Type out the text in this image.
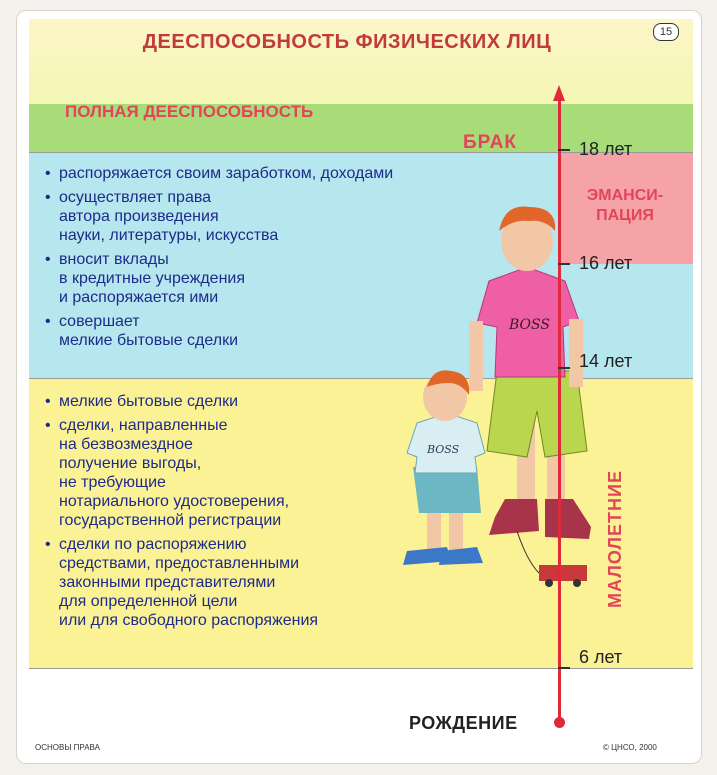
ДЕЕСПОСОБНОСТЬ ФИЗИЧЕСКИХ ЛИЦ	15
ПОЛНАЯ ДЕЕСПОСОБНОСТЬ
BOSS
BOSS
БРАК
ЭМАНСИ-
ПАЦИЯ
18 лет
16 лет
14 лет
6 лет
МАЛОЛЕТНИЕ
РОЖДЕНИЕ
• распоряжается своим заработком, доходами
• осуществляет права
автора произведения
науки, литературы, искусства
• вносит вклады
в кредитные учреждения
и распоряжается ими
• совершает
мелкие бытовые сделки
• мелкие бытовые сделки
• сделки, направленные
на безвозмездное
получение выгоды,
не требующие
нотариального удостоверения,
государственной регистрации
• сделки по распоряжению
средствами, предоставленными
законными представителями
для определенной цели
или для свободного распоряжения
ОСНОВЫ ПРАВА	© ЦНСО, 2000
